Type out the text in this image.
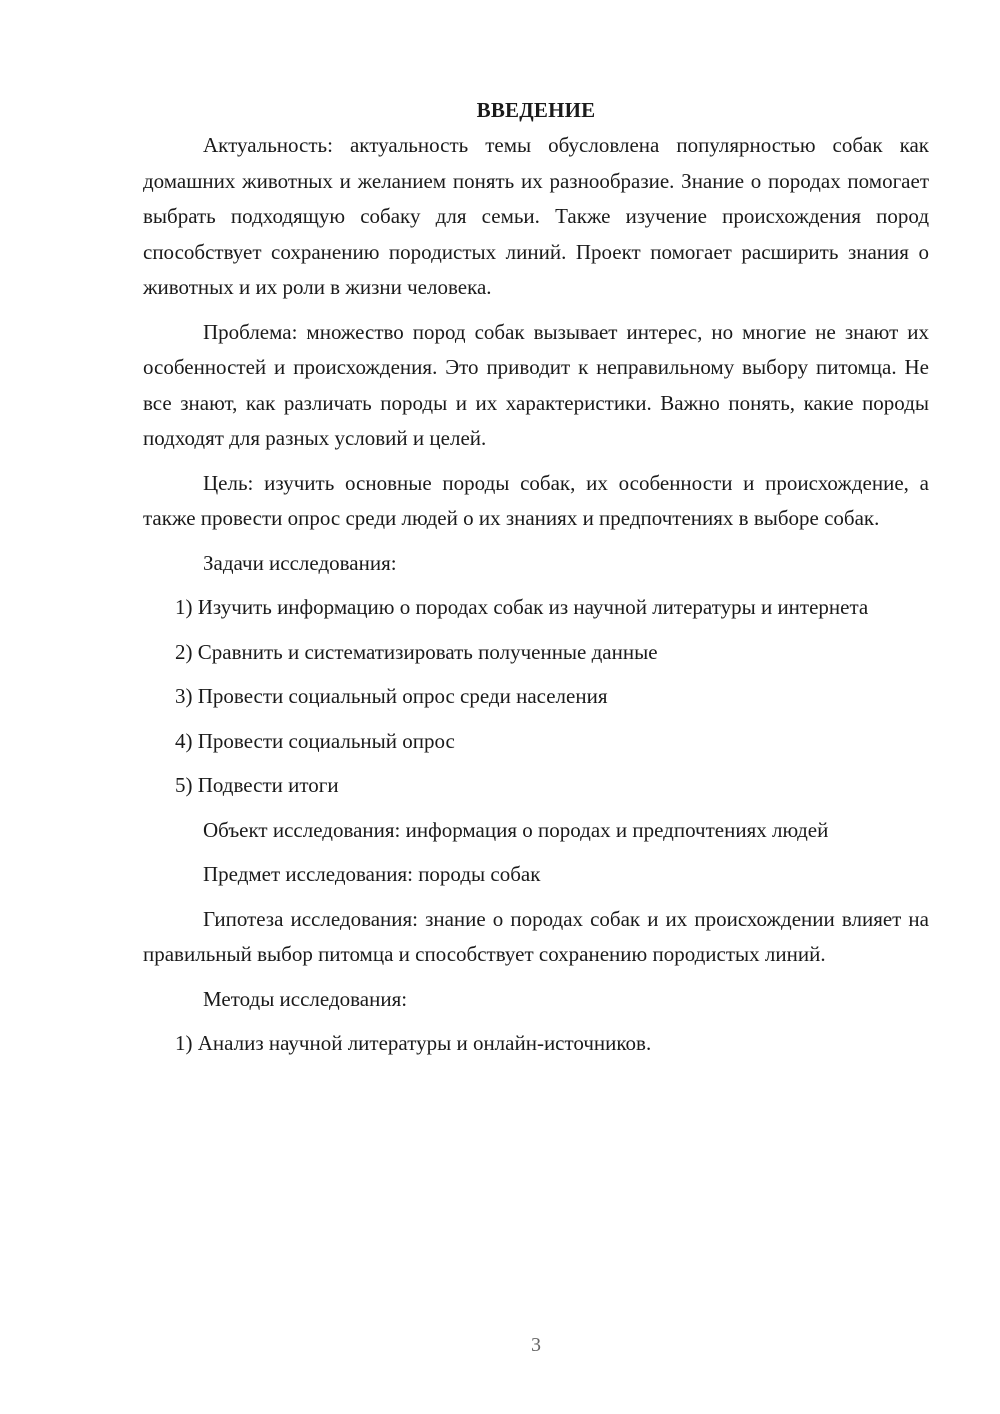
ВВЕДЕНИЕ

Актуальность: актуальность темы обусловлена популярностью собак как домашних животных и желанием понять их разнообразие. Знание о породах помогает выбрать подходящую собаку для семьи. Также изучение происхождения пород способствует сохранению породистых линий. Проект помогает расширить знания о животных и их роли в жизни человека.

Проблема: множество пород собак вызывает интерес, но многие не знают их особенностей и происхождения. Это приводит к неправильному выбору питомца. Не все знают, как различать породы и их характеристики. Важно понять, какие породы подходят для разных условий и целей.

Цель: изучить основные породы собак, их особенности и происхождение, а также провести опрос среди людей о их знаниях и предпочтениях в выборе собак.

Задачи исследования:

1) Изучить информацию о породах собак из научной литературы и интернета

2) Сравнить и систематизировать полученные данные

3) Провести социальный опрос среди населения

4) Провести социальный опрос

5) Подвести итоги

Объект исследования: информация о породах и предпочтениях людей

Предмет исследования: породы собак

Гипотеза исследования: знание о породах собак и их происхождении влияет на правильный выбор питомца и способствует сохранению породистых линий.

Методы исследования:

1) Анализ научной литературы и онлайн-источников.

3
